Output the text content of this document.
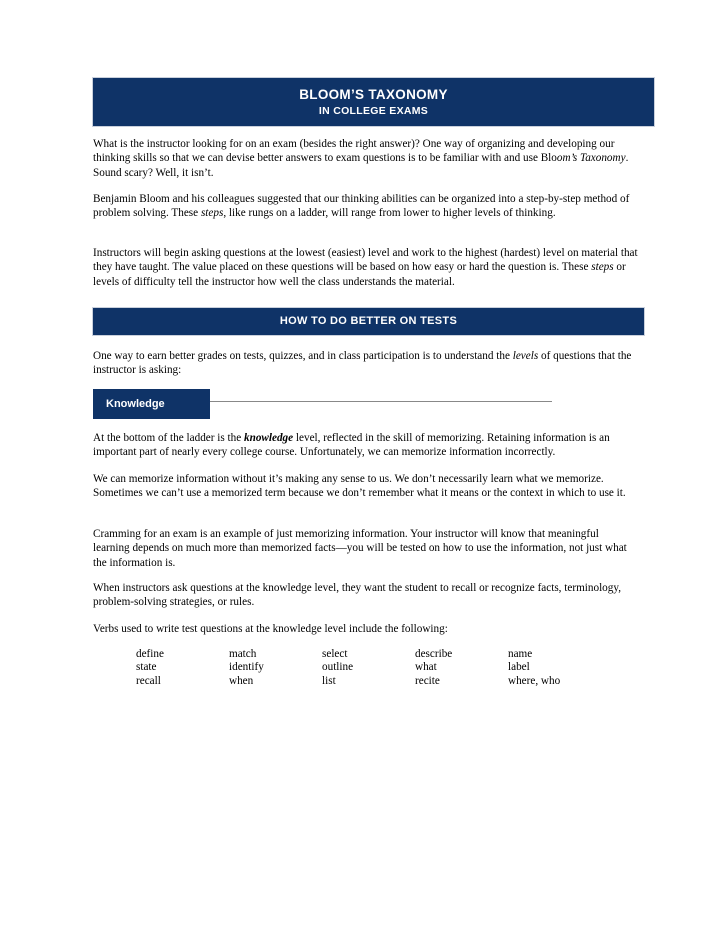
BLOOM’S TAXONOMY
IN COLLEGE EXAMS

What is the instructor looking for on an exam (besides the right answer)? One way of organizing and developing our thinking skills so that we can devise better answers to exam questions is to be familiar with and use Bloom’s Taxonomy. Sound scary? Well, it isn’t.

Benjamin Bloom and his colleagues suggested that our thinking abilities can be organized into a step-by-step method of problem solving. These steps, like rungs on a ladder, will range from lower to higher levels of thinking.

Instructors will begin asking questions at the lowest (easiest) level and work to the highest (hardest) level on material that they have taught. The value placed on these questions will be based on how easy or hard the question is. These steps or levels of difficulty tell the instructor how well the class understands the material.

HOW TO DO BETTER ON TESTS

One way to earn better grades on tests, quizzes, and in class participation is to understand the levels of questions that the instructor is asking:

Knowledge

At the bottom of the ladder is the knowledge level, reflected in the skill of memorizing. Retaining information is an important part of nearly every college course. Unfortunately, we can memorize information incorrectly.

We can memorize information without it’s making any sense to us. We don’t necessarily learn what we memorize. Sometimes we can’t use a memorized term because we don’t remember what it means or the context in which to use it.

Cramming for an exam is an example of just memorizing information. Your instructor will know that meaningful learning depends on much more than memorized facts—you will be tested on how to use the information, not just what the information is.

When instructors ask questions at the knowledge level, they want the student to recall or recognize facts, terminology, problem-solving strategies, or rules.

Verbs used to write test questions at the knowledge level include the following:

define	match	select	describe	name
state	identify	outline	what	label
recall	when	list	recite	where, who
